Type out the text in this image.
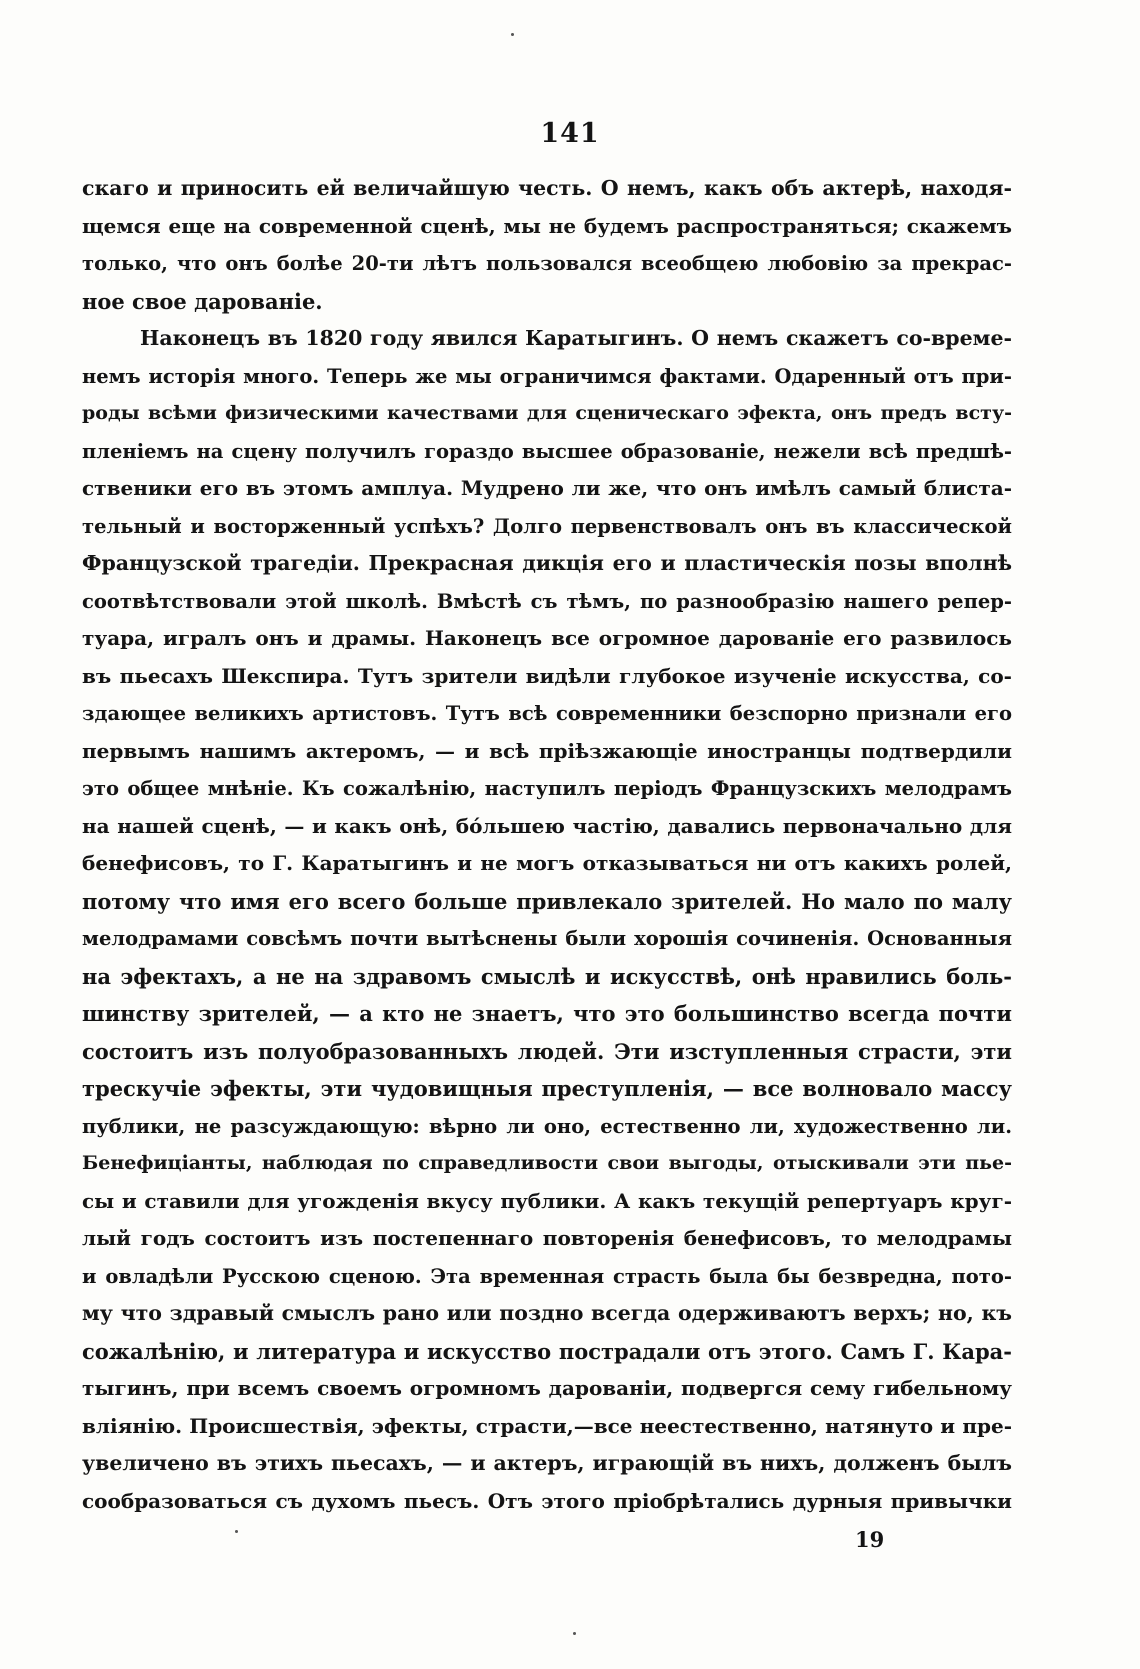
141
скаго и приносить ей величайшую честь. О немъ, какъ объ актерѣ, находя-
щемся еще на современной сценѣ, мы не будемъ распространяться; скажемъ
только, что онъ болѣе 20-ти лѣтъ пользовался всеобщею любовію за прекрас-
ное свое дарованіе.
Наконецъ въ 1820 году явился Каратыгинъ. О немъ скажетъ со-време-
немъ исторія много. Теперь же мы ограничимся фактами. Одаренный отъ при-
роды всѣми физическими качествами для сценическаго эфекта, онъ предъ всту-
пленіемъ на сцену получилъ гораздо высшее образованіе, нежели всѣ предшѣ-
ственики его въ этомъ амплуа. Мудрено ли же, что онъ имѣлъ самый блиста-
тельный и восторженный успѣхъ? Долго первенствовалъ онъ въ классической
Французской трагедіи. Прекрасная дикція его и пластическія позы вполнѣ
соотвѣтствовали этой школѣ. Вмѣстѣ съ тѣмъ, по разнообразію нашего репер-
туара, игралъ онъ и драмы. Наконецъ все огромное дарованіе его развилось
въ пьесахъ Шекспира. Тутъ зрители видѣли глубокое изученіе искусства, со-
здающее великихъ артистовъ. Тутъ всѣ современники безспорно признали его
первымъ нашимъ актеромъ, — и всѣ пріѣзжающіе иностранцы подтвердили
это общее мнѣніе. Къ сожалѣнію, наступилъ періодъ Французскихъ мелодрамъ
на нашей сценѣ, — и какъ онѣ, бо́льшею частію, давались первоначально для
бенефисовъ, то Г. Каратыгинъ и не могъ отказываться ни отъ какихъ ролей,
потому что имя его всего больше привлекало зрителей. Но мало по малу
мелодрамами совсѣмъ почти вытѣснены были хорошія сочиненія. Основанныя
на эфектахъ, а не на здравомъ смыслѣ и искусствѣ, онѣ нравились боль-
шинству зрителей, — а кто не знаетъ, что это большинство всегда почти
состоитъ изъ полуобразованныхъ людей. Эти изступленныя страсти, эти
трескучіе эфекты, эти чудовищныя преступленія, — все волновало массу
публики, не разсуждающую: вѣрно ли оно, естественно ли, художественно ли.
Бенефиціанты, наблюдая по справедливости свои выгоды, отыскивали эти пье-
сы и ставили для угожденія вкусу публики. А какъ текущій репертуаръ круг-
лый годъ состоитъ изъ постепеннаго повторенія бенефисовъ, то мелодрамы
и овладѣли Русскою сценою. Эта временная страсть была бы безвредна, пото-
му что здравый смыслъ рано или поздно всегда одерживаютъ верхъ; но, къ
сожалѣнію, и литература и искусство пострадали отъ этого. Самъ Г. Кара-
тыгинъ, при всемъ своемъ огромномъ дарованіи, подвергся сему гибельному
вліянію. Происшествія, эфекты, страсти,—все неестественно, натянуто и пре-
увеличено въ этихъ пьесахъ, — и актеръ, играющій въ нихъ, долженъ былъ
сообразоваться съ духомъ пьесъ. Отъ этого пріобрѣтались дурныя привычки
19
